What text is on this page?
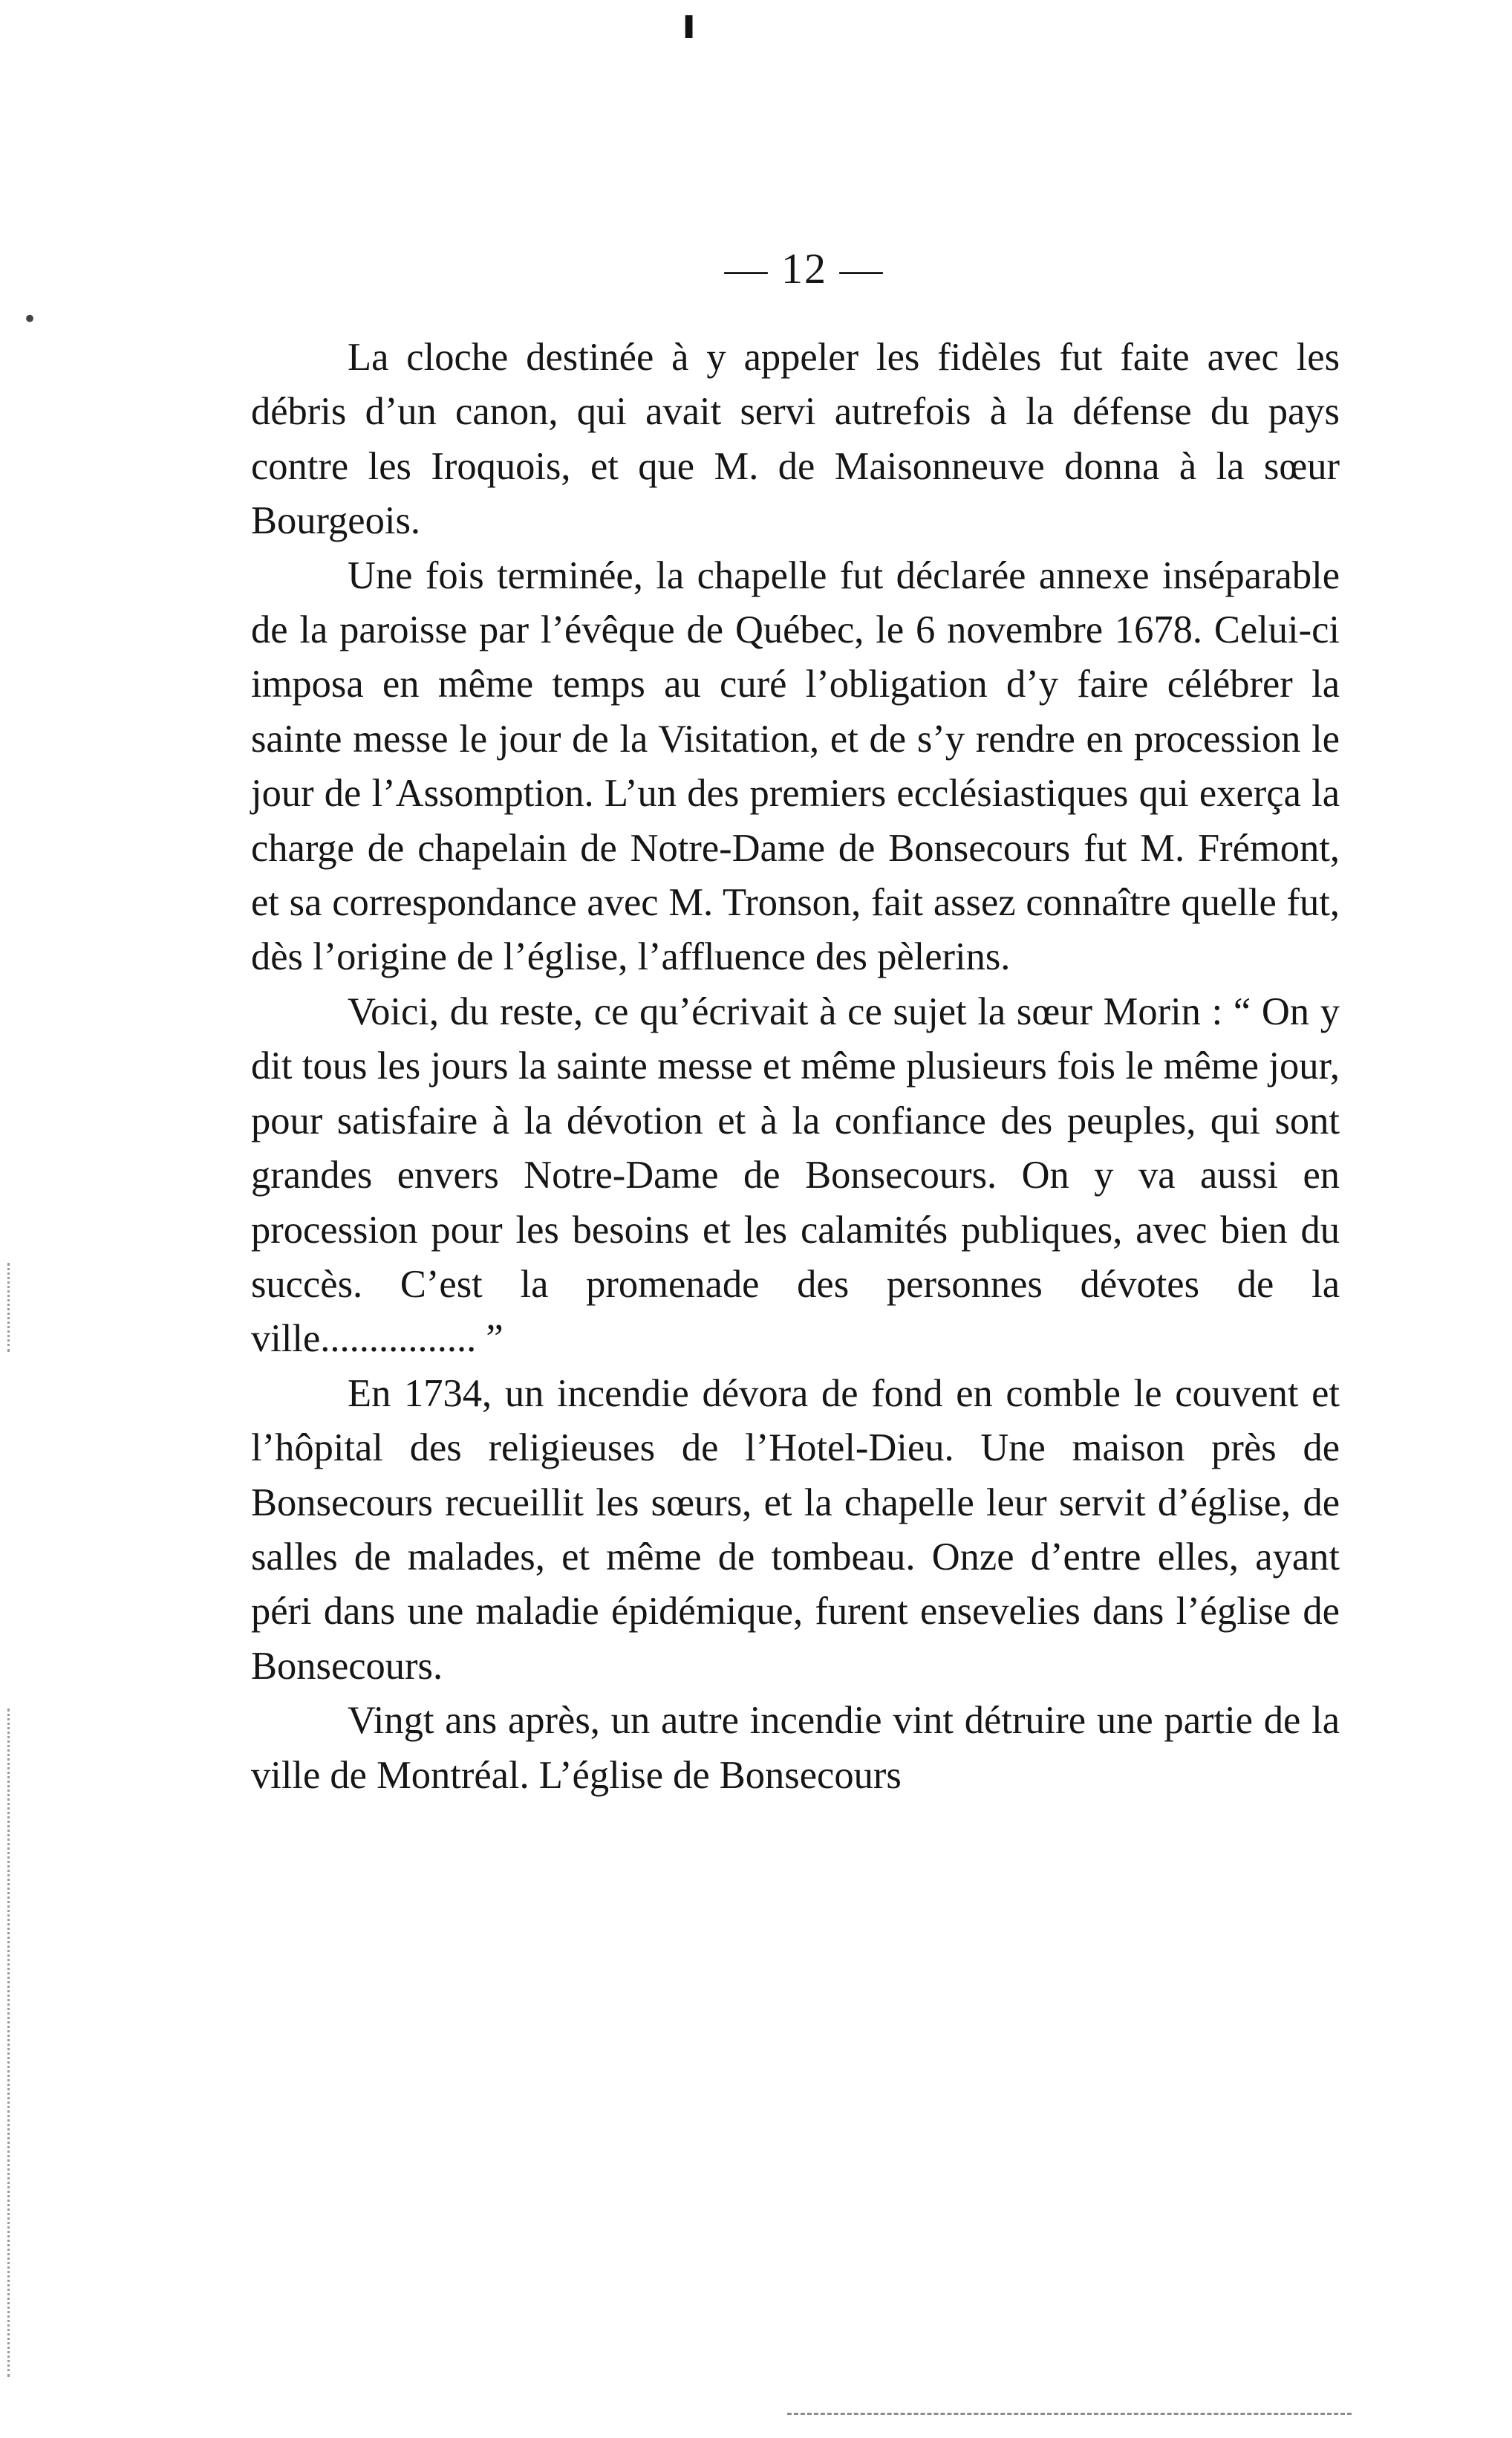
ı
•
— 12 —

La cloche destinée à y appeler les fidèles fut faite avec les débris d’un canon, qui avait servi autrefois à la défense du pays contre les Iroquois, et que M. de Maisonneuve donna à la sœur Bourgeois.

Une fois terminée, la chapelle fut déclarée annexe inséparable de la paroisse par l’évêque de Québec, le 6 novembre 1678. Celui-ci imposa en même temps au curé l’obligation d’y faire célébrer la sainte messe le jour de la Visitation, et de s’y rendre en procession le jour de l’Assomption. L’un des premiers ecclésiastiques qui exerça la charge de chapelain de Notre-Dame de Bonsecours fut M. Frémont, et sa correspondance avec M. Tronson, fait assez connaître quelle fut, dès l’origine de l’église, l’affluence des pèlerins.

Voici, du reste, ce qu’écrivait à ce sujet la sœur Morin : “ On y dit tous les jours la sainte messe et même plusieurs fois le même jour, pour satisfaire à la dévotion et à la confiance des peuples, qui sont grandes envers Notre-Dame de Bonsecours. On y va aussi en procession pour les besoins et les calamités publiques, avec bien du succès. C’est la promenade des personnes dévotes de la ville................ ”

En 1734, un incendie dévora de fond en comble le couvent et l’hôpital des religieuses de l’Hotel-Dieu. Une maison près de Bonsecours recueillit les sœurs, et la chapelle leur servit d’église, de salles de malades, et même de tombeau. Onze d’entre elles, ayant péri dans une maladie épidémique, furent ensevelies dans l’église de Bonsecours.

Vingt ans après, un autre incendie vint détruire une partie de la ville de Montréal. L’église de Bonsecours
